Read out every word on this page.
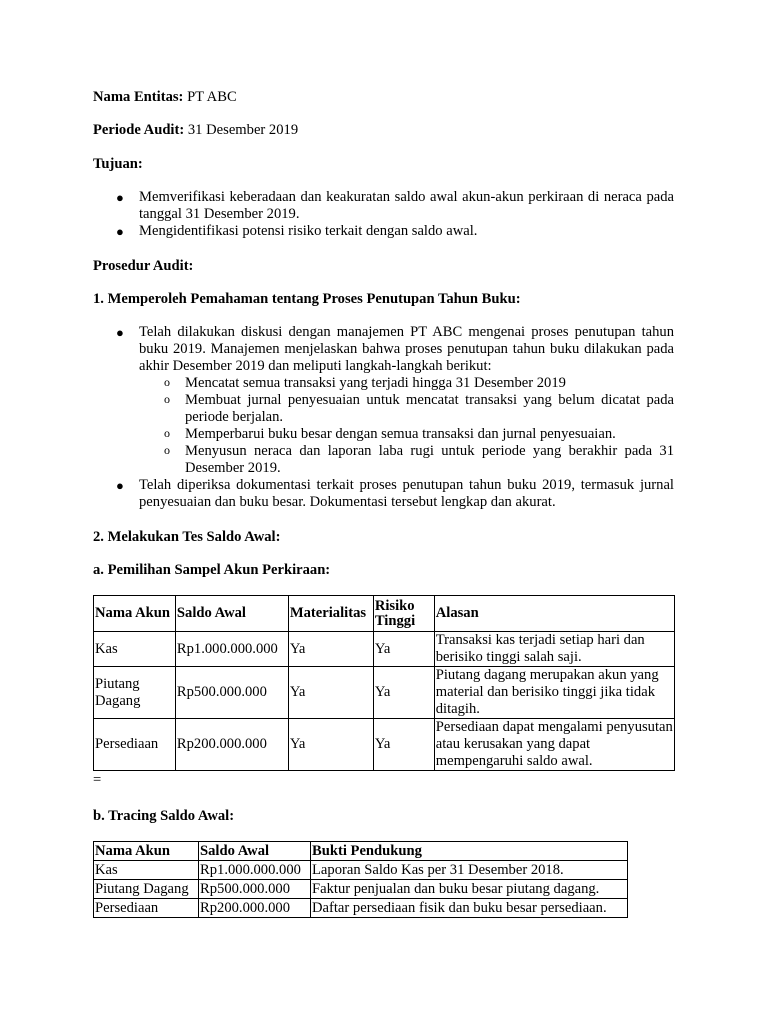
Nama Entitas: PT ABC
Periode Audit: 31 Desember 2019
Tujuan:
● Memverifikasi keberadaan dan keakuratan saldo awal akun-akun perkiraan di neraca pada tanggal 31 Desember 2019.
● Mengidentifikasi potensi risiko terkait dengan saldo awal.
Prosedur Audit:
1. Memperoleh Pemahaman tentang Proses Penutupan Tahun Buku:
● Telah dilakukan diskusi dengan manajemen PT ABC mengenai proses penutupan tahun buku 2019. Manajemen menjelaskan bahwa proses penutupan tahun buku dilakukan pada akhir Desember 2019 dan meliputi langkah-langkah berikut:
o Mencatat semua transaksi yang terjadi hingga 31 Desember 2019
o Membuat jurnal penyesuaian untuk mencatat transaksi yang belum dicatat pada periode berjalan.
o Memperbarui buku besar dengan semua transaksi dan jurnal penyesuaian.
o Menyusun neraca dan laporan laba rugi untuk periode yang berakhir pada 31 Desember 2019.
● Telah diperiksa dokumentasi terkait proses penutupan tahun buku 2019, termasuk jurnal penyesuaian dan buku besar. Dokumentasi tersebut lengkap dan akurat.
2. Melakukan Tes Saldo Awal:
a. Pemilihan Sampel Akun Perkiraan:
Nama Akun	Saldo Awal	Materialitas	Risiko Tinggi	Alasan
Kas	Rp1.000.000.000	Ya	Ya	Transaksi kas terjadi setiap hari dan berisiko tinggi salah saji.
Piutang Dagang	Rp500.000.000	Ya	Ya	Piutang dagang merupakan akun yang material dan berisiko tinggi jika tidak ditagih.
Persediaan	Rp200.000.000	Ya	Ya	Persediaan dapat mengalami penyusutan atau kerusakan yang dapat mempengaruhi saldo awal.
=
b. Tracing Saldo Awal:
Nama Akun	Saldo Awal	Bukti Pendukung
Kas	Rp1.000.000.000	Laporan Saldo Kas per 31 Desember 2018.
Piutang Dagang	Rp500.000.000	Faktur penjualan dan buku besar piutang dagang.
Persediaan	Rp200.000.000	Daftar persediaan fisik dan buku besar persediaan.
